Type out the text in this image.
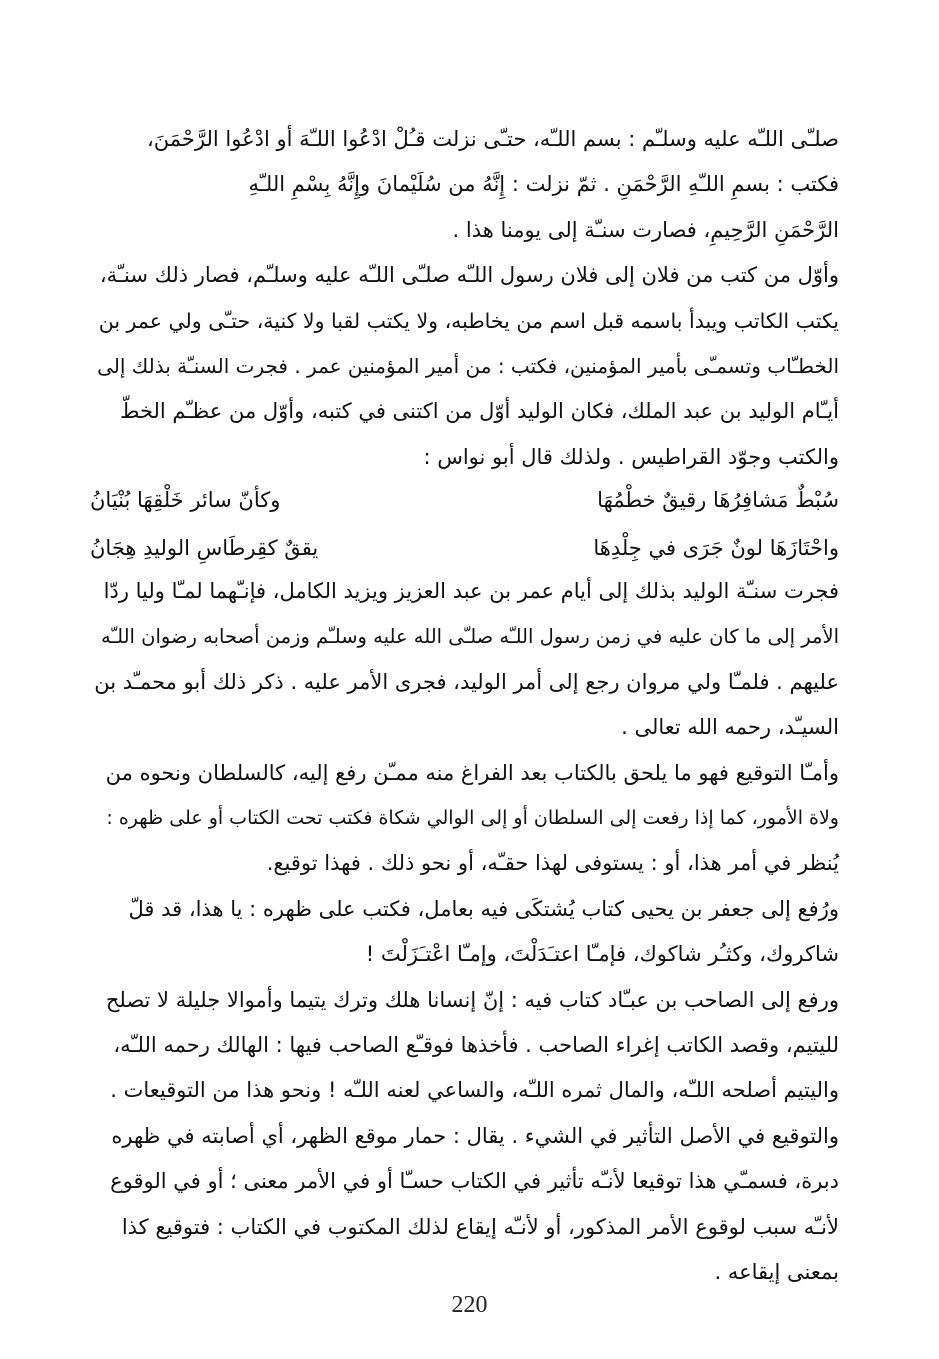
صلـّى اللـّه عليه وسلـّم : بسم اللـّه، حتـّى نزلت قـُلْ ادْعُوا اللـّهَ أو ادْعُوا الرَّحْمَنَ،
فكتب : بسمِ اللـّهِ الرَّحْمَنِ . ثمّ نزلت : إِنَّهُ من سُلَيْمانَ وإِنَّهُ بِسْمِ اللـّهِ
الرَّحْمَنِ الرَّحِيمِ، فصارت سنـّة إلى يومنا هذا .

وأوّل من كتب من فلان إلى فلان رسول اللـّه صلـّى اللـّه عليه وسلـّم، فصار ذلك سنـّة،
يكتب الكاتب ويبدأ باسمه قبل اسم من يخاطبه، ولا يكتب لقبا ولا كنية، حتـّى ولي عمر بن
الخطـّاب وتسمـّى بأمير المؤمنين، فكتب : من أمير المؤمنين عمر . فجرت السنـّة بذلك إلى
أيـّام الوليد بن عبد الملك، فكان الوليد أوّل من اكتنى في كتبه، وأوّل من عظـّم الخطّ
والكتب وجوّد القراطيس . ولذلك قال أبو نواس :

سُبْطٌ مَشافِرُهَا رقيقٌ خطْمُهَا
وكأنّ سائر خَلْقِهَا بُنْيَانُ
واحْتَازَهَا لونٌ جَرَى في جِلْدِهَا
يققٌ كقِرطَاسِ الوليدِ هِجَانُ

فجرت سنـّة الوليد بذلك إلى أيام عمر بن عبد العزيز ويزيد الكامل، فإنـّهما لمـّا وليا ردّا
الأمر إلى ما كان عليه في زمن رسول اللـّه صلـّى الله عليه وسلـّم وزمن أصحابه رضوان اللـّه
عليهم . فلمـّا ولي مروان رجع إلى أمر الوليد، فجرى الأمر عليه . ذكر ذلك أبو محمـّد بن
السيـّد، رحمه الله تعالى .

وأمـّا التوقيع فهو ما يلحق بالكتاب بعد الفراغ منه ممـّن رفع إليه، كالسلطان ونحوه من
ولاة الأمور، كما إذا رفعت إلى السلطان أو إلى الوالي شكاة فكتب تحت الكتاب أو على ظهره :
يُنظر في أمر هذا، أو : يستوفى لهذا حقـّه، أو نحو ذلك . فهذا توقيع.

ورُفع إلى جعفر بن يحيى كتاب يُشتكَى فيه بعامل، فكتب على ظهره : يا هذا، قد قلّ
شاكروك، وكثـُر شاكوك، فإمـّا اعتـَدَلْتَ، وإمـّا اعْتـَزَلْتَ !

ورفع إلى الصاحب بن عبـّاد كتاب فيه : إنّ إنسانا هلك وترك يتيما وأموالا جليلة لا تصلح
لليتيم، وقصد الكاتب إغراء الصاحب . فأخذها فوقـّع الصاحب فيها : الهالك رحمه اللـّه،
واليتيم أصلحه اللـّه، والمال ثمره اللـّه، والساعي لعنه اللـّه ! ونحو هذا من التوقيعات .

والتوقيع في الأصل التأثير في الشيء . يقال : حمار موقع الظهر، أي أصابته في ظهره
دبرة، فسمـّي هذا توقيعا لأنـّه تأثير في الكتاب حسـّا أو في الأمر معنى ؛ أو في الوقوع
لأنـّه سبب لوقوع الأمر المذكور، أو لأنـّه إيقاع لذلك المكتوب في الكتاب : فتوقيع كذا
بمعنى إيقاعه .

220
